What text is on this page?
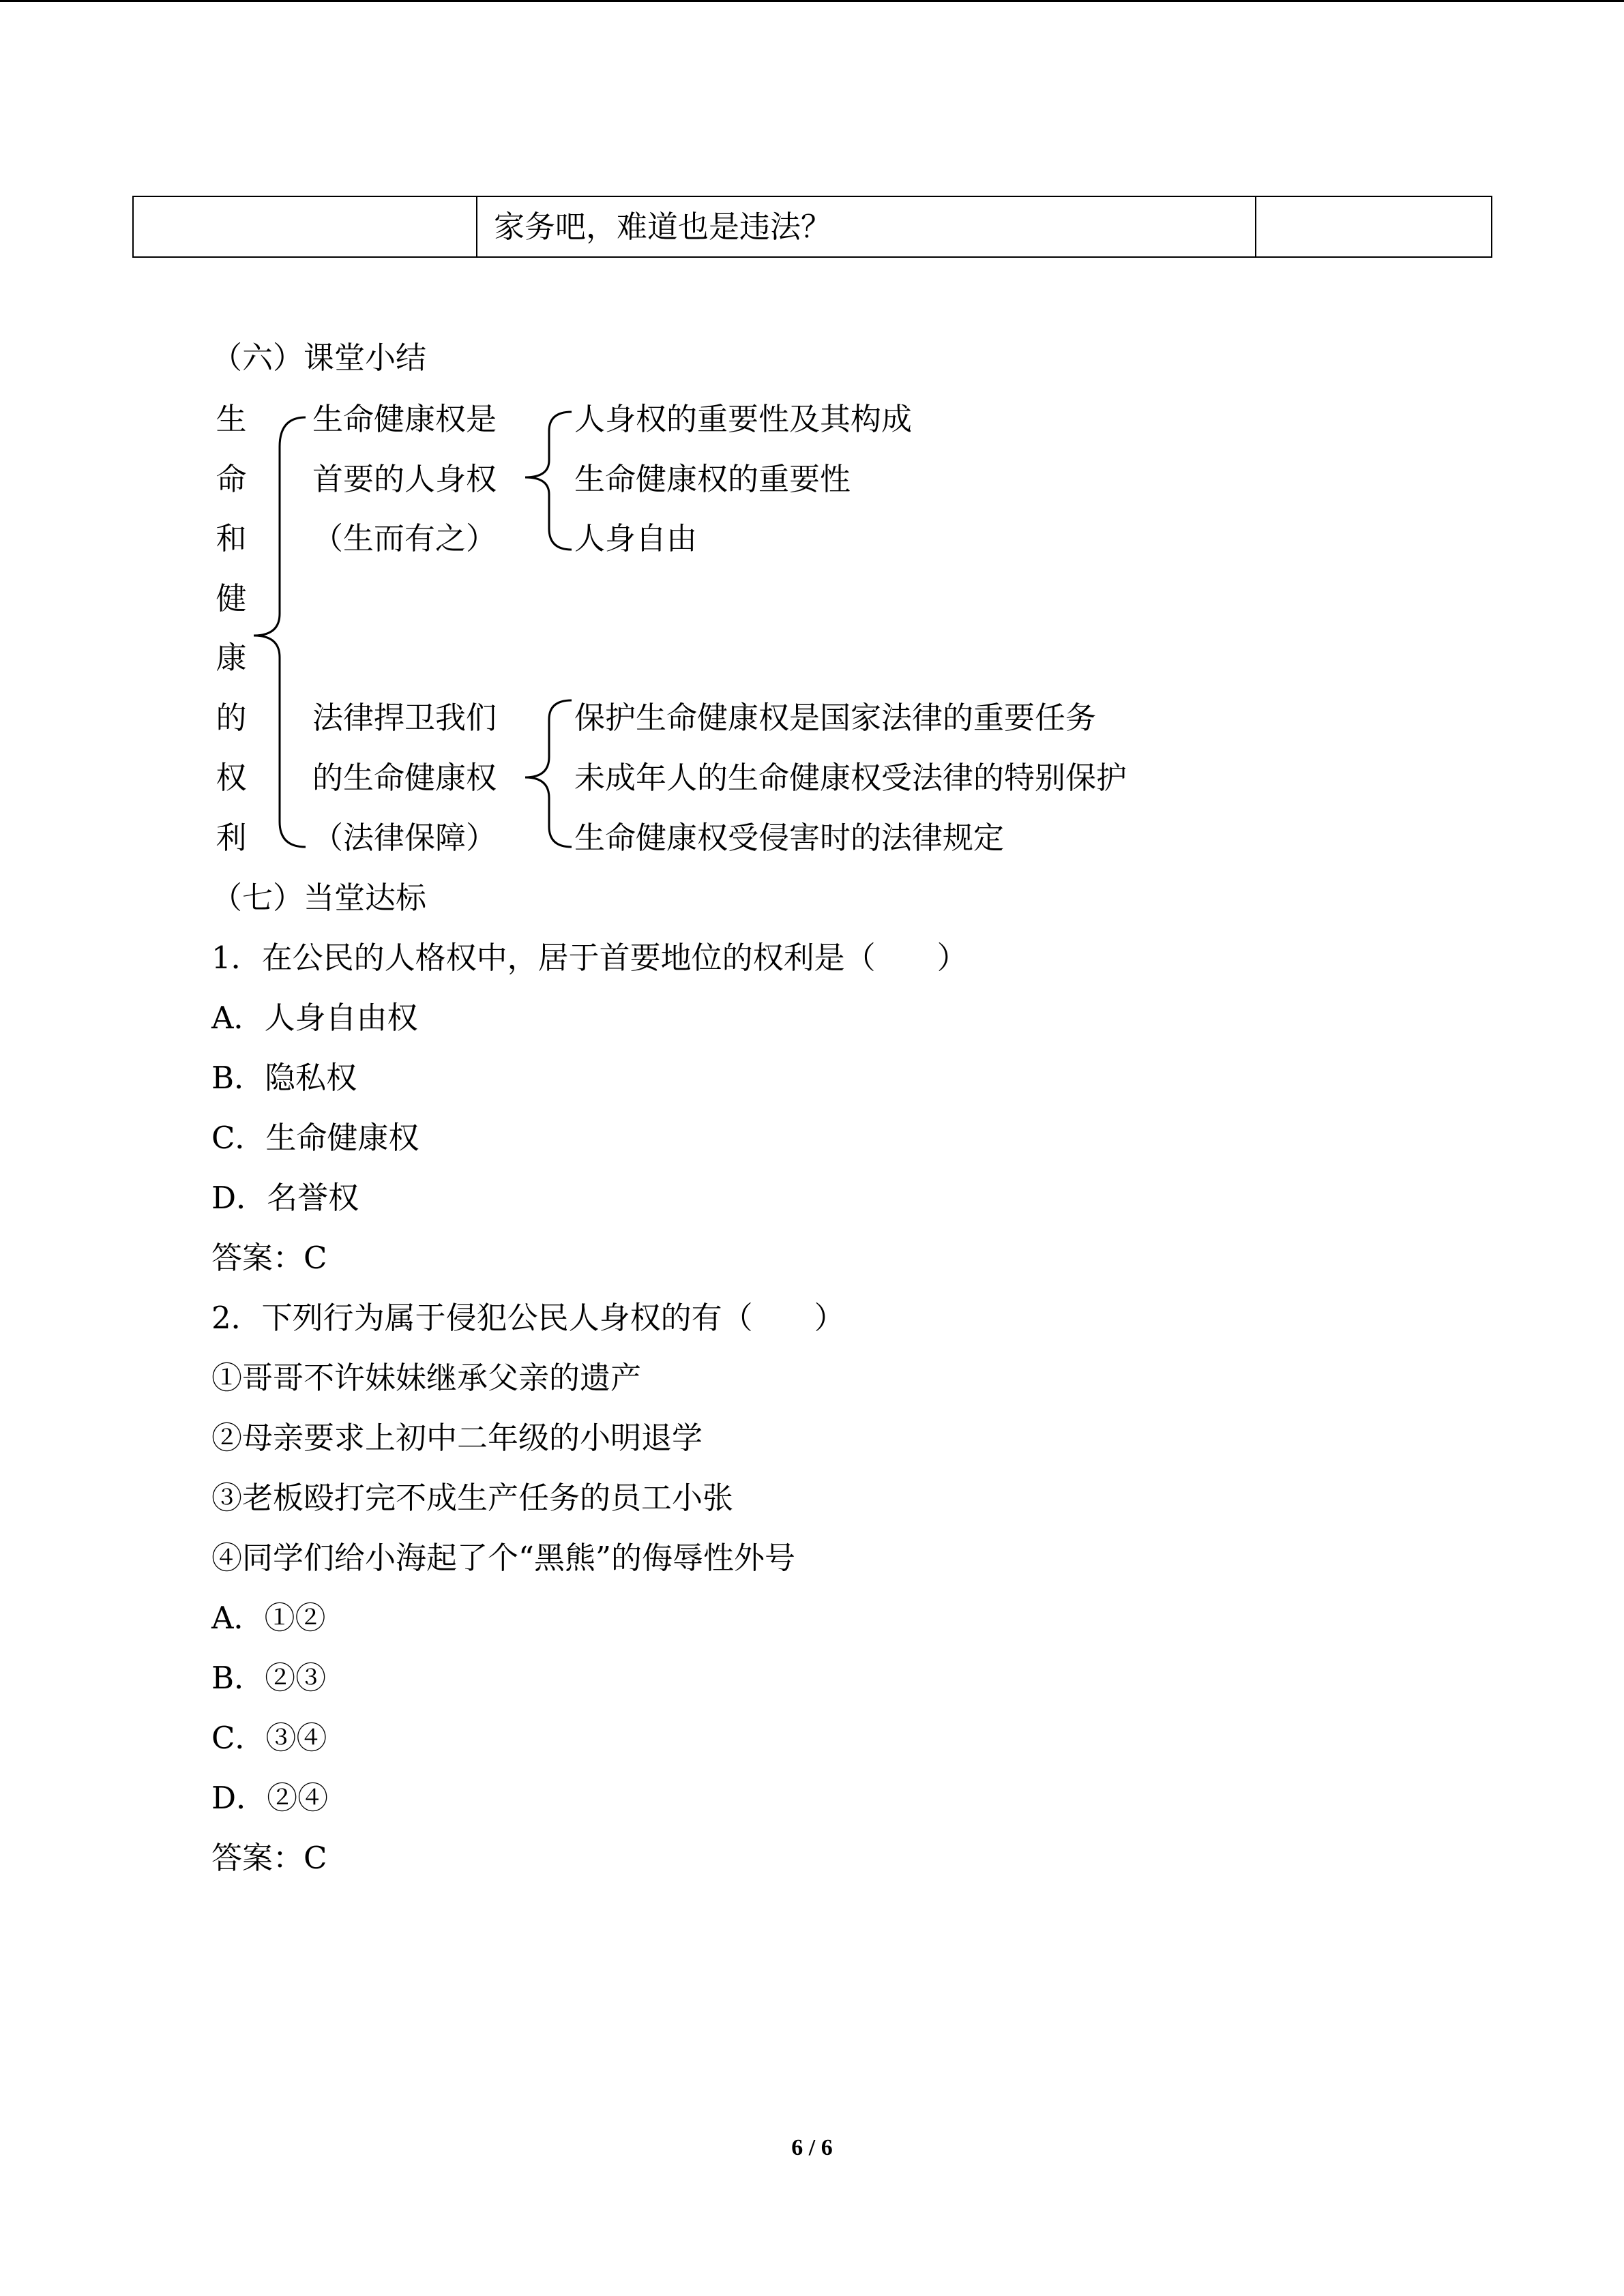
家务吧，难道也是违法？
（六）课堂小结
生
命
和
健
康
的
权
利
生命健康权是
首要的人身权
（生而有之）
人身权的重要性及其构成
生命健康权的重要性
人身自由
法律捍卫我们
的生命健康权
（法律保障）
保护生命健康权是国家法律的重要任务
未成年人的生命健康权受法律的特别保护
生命健康权受侵害时的法律规定
（七）当堂达标
1．在公民的人格权中，居于首要地位的权利是（　　）
A．人身自由权
B．隐私权
C．生命健康权
D．名誉权
答案：C
2．下列行为属于侵犯公民人身权的有（　　）
①哥哥不许妹妹继承父亲的遗产
②母亲要求上初中二年级的小明退学
③老板殴打完不成生产任务的员工小张
④同学们给小海起了个“黑熊”的侮辱性外号
A．①②
B．②③
C．③④
D．②④
答案：C
6 / 6
